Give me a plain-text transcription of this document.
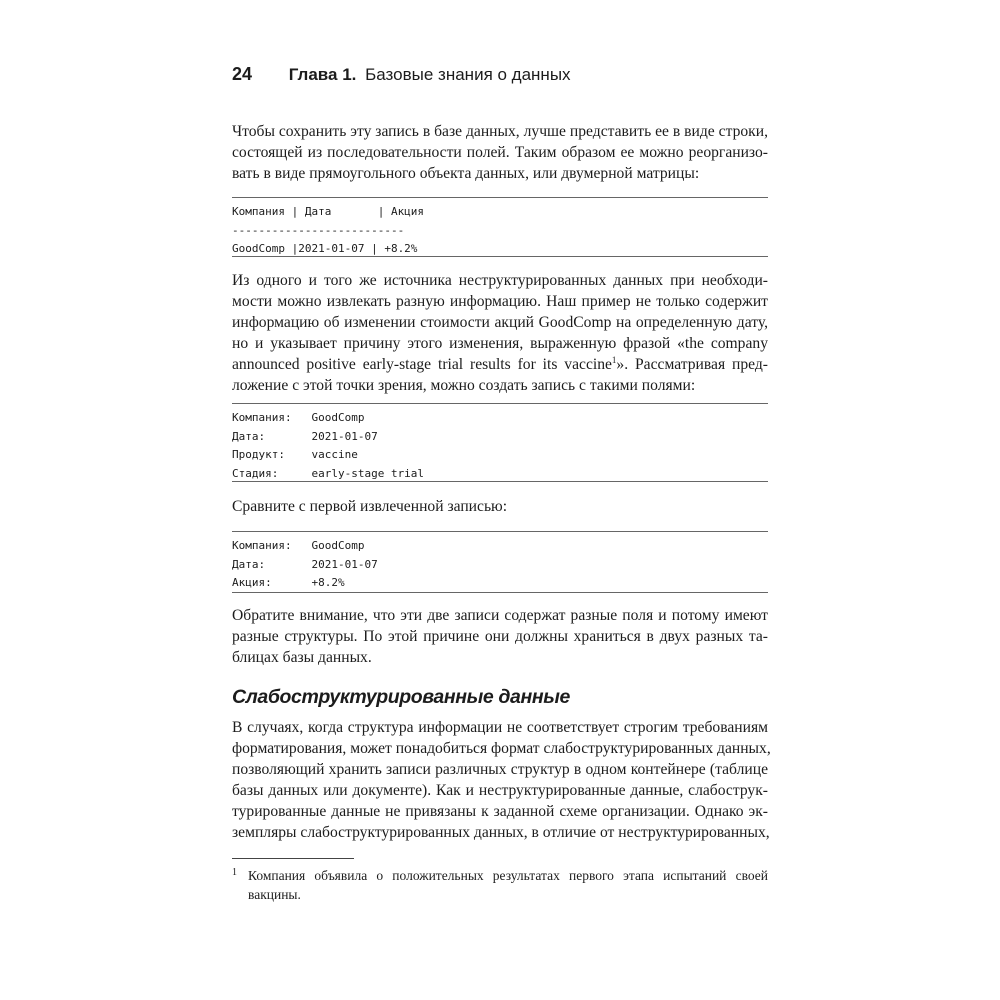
24 Глава 1. Базовые знания о данных
Чтобы сохранить эту запись в базе данных, лучше представить ее в виде строки,
состоящей из последовательности полей. Таким образом ее можно реорганизо-
вать в виде прямоугольного объекта данных, или двумерной матрицы:
Компания | Дата       | Акция
--------------------------
GoodComp |2021-01-07 | +8.2%
Из одного и того же источника неструктурированных данных при необходи-
мости можно извлекать разную информацию. Наш пример не только содержит
информацию об изменении стоимости акций GoodComp на определенную дату,
но и указывает причину этого изменения, выраженную фразой «the company
announced positive early-stage trial results for its vaccine$^1$». Рассматривая пред-
ложение с этой точки зрения, можно создать запись с такими полями:
Компания:   GoodComp
Дата:       2021-01-07
Продукт:    vaccine
Стадия:     early-stage trial
Сравните с первой извлеченной записью:
Компания:   GoodComp
Дата:       2021-01-07
Акция:      +8.2%
Обратите внимание, что эти две записи содержат разные поля и потому имеют
разные структуры. По этой причине они должны храниться в двух разных та-
блицах базы данных.
Слабоструктурированные данные
В случаях, когда структура информации не соответствует строгим требованиям
форматирования, может понадобиться формат слабоструктурированных данных,
позволяющий хранить записи различных структур в одном контейнере (таблице
базы данных или документе). Как и неструктурированные данные, слабострук-
турированные данные не привязаны к заданной схеме организации. Однако эк-
земпляры слабоструктурированных данных, в отличие от неструктурированных,
1 Компания объявила о положительных результатах первого этапа испытаний своей
вакцины.
